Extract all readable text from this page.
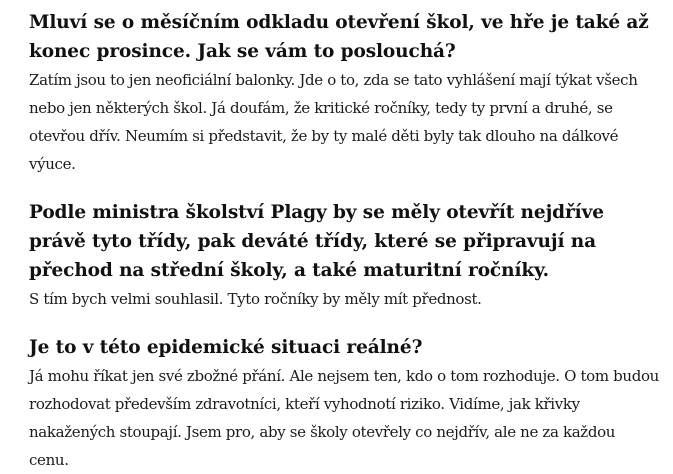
Mluví se o měsíčním odkladu otevření škol, ve hře je také až konec prosince. Jak se vám to poslouchá?

Zatím jsou to jen neoficiální balonky. Jde o to, zda se tato vyhlášení mají týkat všech nebo jen některých škol. Já doufám, že kritické ročníky, tedy ty první a druhé, se otevřou dřív. Neumím si představit, že by ty malé děti byly tak dlouho na dálkové výuce.

Podle ministra školství Plagy by se měly otevřít nejdříve právě tyto třídy, pak deváté třídy, které se připravují na přechod na střední školy, a také maturitní ročníky.

S tím bych velmi souhlasil. Tyto ročníky by měly mít přednost.

Je to v této epidemické situaci reálné?

Já mohu říkat jen své zbožné přání. Ale nejsem ten, kdo o tom rozhoduje. O tom budou rozhodovat především zdravotníci, kteří vyhodnotí riziko. Vidíme, jak křivky nakažených stoupají. Jsem pro, aby se školy otevřely co nejdřív, ale ne za každou cenu.
